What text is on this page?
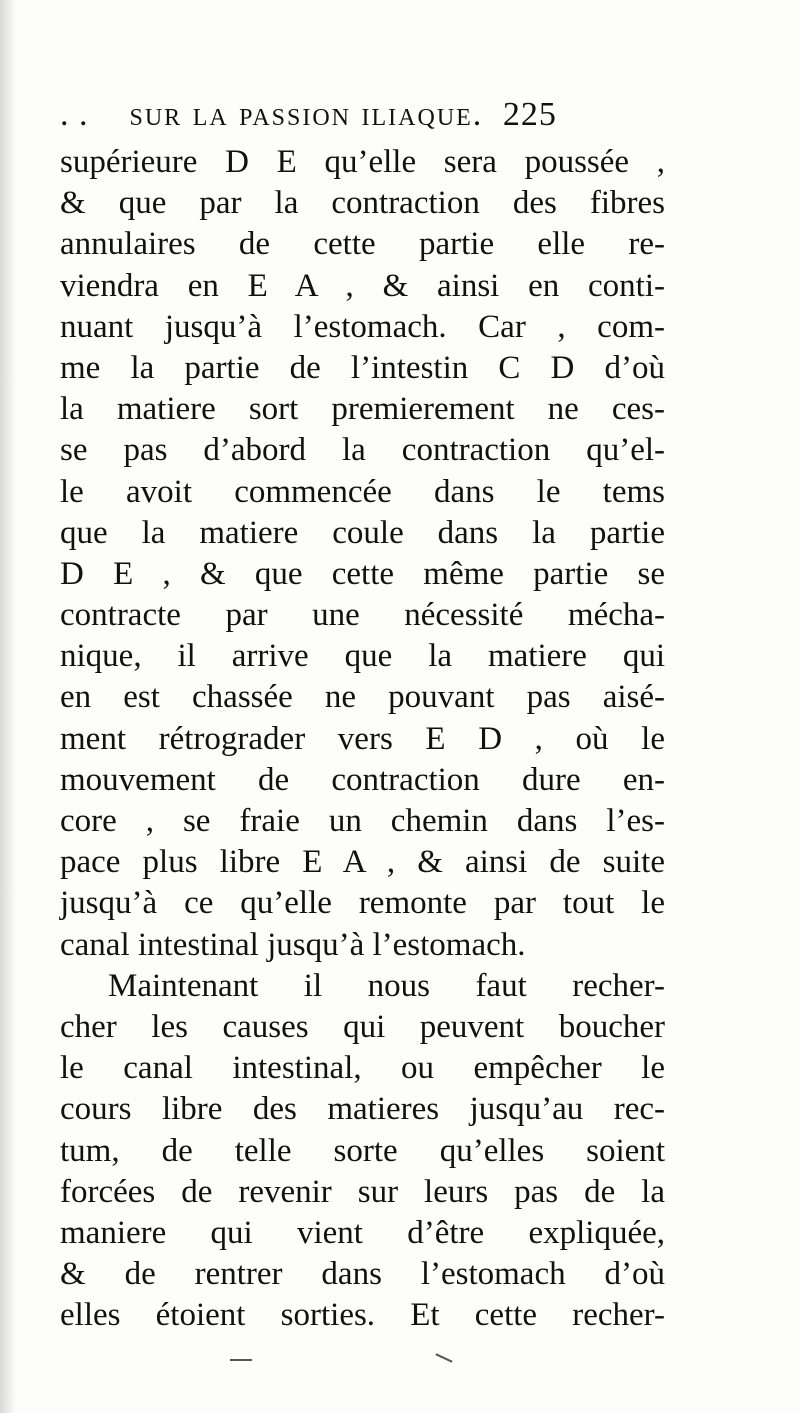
. . sur la passion iliaque. 225
supérieure D E qu’elle sera poussée ,
& que par la contraction des fibres
annulaires de cette partie elle re-
viendra en E A , & ainsi en conti-
nuant jusqu’à l’estomach. Car , com-
me la partie de l’intestin C D d’où
la matiere sort premierement ne ces-
se pas d’abord la contraction qu’el-
le avoit commencée dans le tems
que la matiere coule dans la partie
D E , & que cette même partie se
contracte par une nécessité mécha-
nique, il arrive que la matiere qui
en est chassée ne pouvant pas aisé-
ment rétrograder vers E D , où le
mouvement de contraction dure en-
core , se fraie un chemin dans l’es-
pace plus libre E A , & ainsi de suite
jusqu’à ce qu’elle remonte par tout le
canal intestinal jusqu’à l’estomach.
Maintenant il nous faut recher-
cher les causes qui peuvent boucher
le canal intestinal, ou empêcher le
cours libre des matieres jusqu’au rec-
tum, de telle sorte qu’elles soient
forcées de revenir sur leurs pas de la
maniere qui vient d’être expliquée,
& de rentrer dans l’estomach d’où
elles étoient sorties. Et cette recher-
